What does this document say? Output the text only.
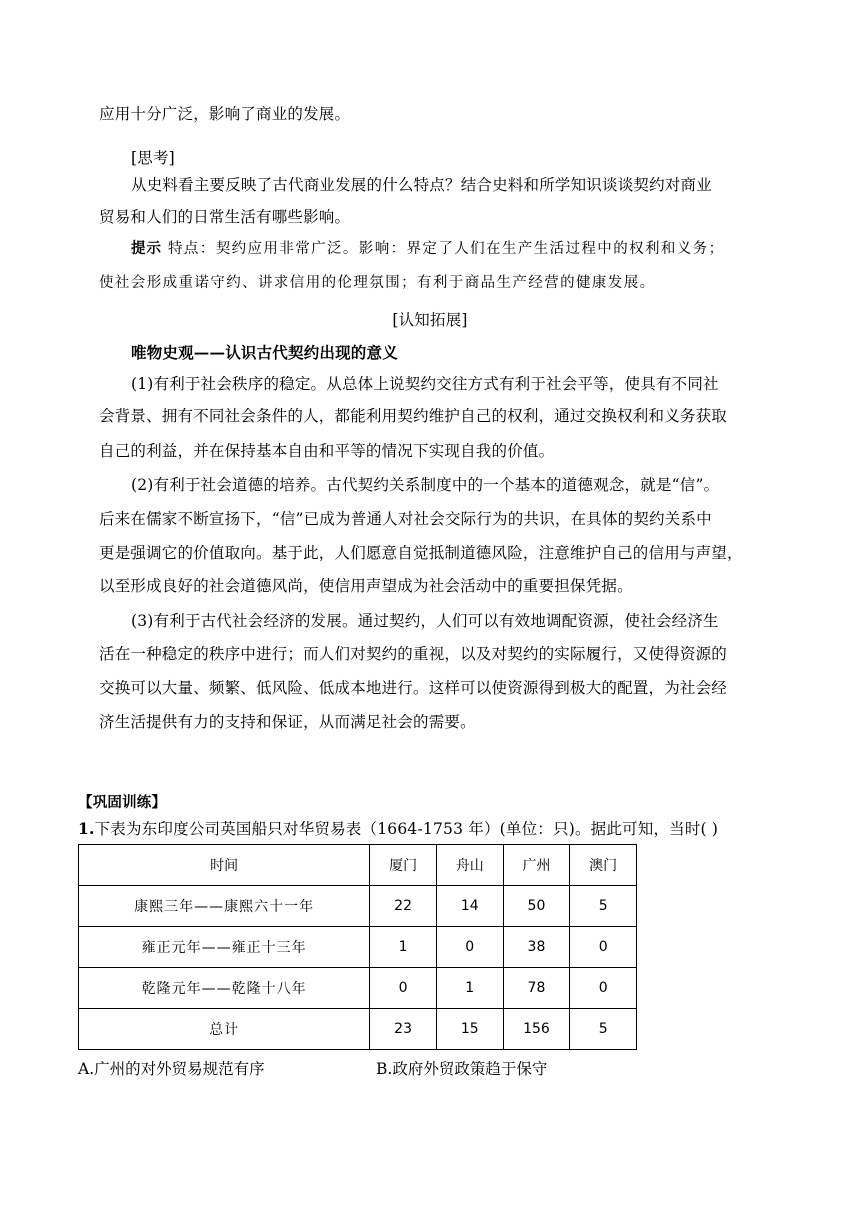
应用十分广泛，影响了商业的发展。
[思考]
从史料看主要反映了古代商业发展的什么特点？结合史料和所学知识谈谈契约对商业
贸易和人们的日常生活有哪些影响。
提示 特点：契约应用非常广泛。影响：界定了人们在生产生活过程中的权利和义务；
使社会形成重诺守约、讲求信用的伦理氛围；有利于商品生产经营的健康发展。
[认知拓展]
唯物史观——认识古代契约出现的意义
(1)有利于社会秩序的稳定。从总体上说契约交往方式有利于社会平等，使具有不同社
会背景、拥有不同社会条件的人，都能利用契约维护自己的权利，通过交换权利和义务获取
自己的利益，并在保持基本自由和平等的情况下实现自我的价值。
(2)有利于社会道德的培养。古代契约关系制度中的一个基本的道德观念，就是“信”。
后来在儒家不断宣扬下，“信”已成为普通人对社会交际行为的共识，在具体的契约关系中
更是强调它的价值取向。基于此，人们愿意自觉抵制道德风险，注意维护自己的信用与声望，
以至形成良好的社会道德风尚，使信用声望成为社会活动中的重要担保凭据。
(3)有利于古代社会经济的发展。通过契约，人们可以有效地调配资源，使社会经济生
活在一种稳定的秩序中进行；而人们对契约的重视，以及对契约的实际履行，又使得资源的
交换可以大量、频繁、低风险、低成本地进行。这样可以使资源得到极大的配置，为社会经
济生活提供有力的支持和保证，从而满足社会的需要。
【巩固训练】
1.下表为东印度公司英国船只对华贸易表（1664-1753 年）(单位：只)。据此可知，当时( )
时间	厦门	舟山	广州	澳门
康熙三年——康熙六十一年	22	14	50	5
雍正元年——雍正十三年	1	0	38	0
乾隆元年——乾隆十八年	0	1	78	0
总计	23	15	156	5
A.广州的对外贸易规范有序	B.政府外贸政策趋于保守
